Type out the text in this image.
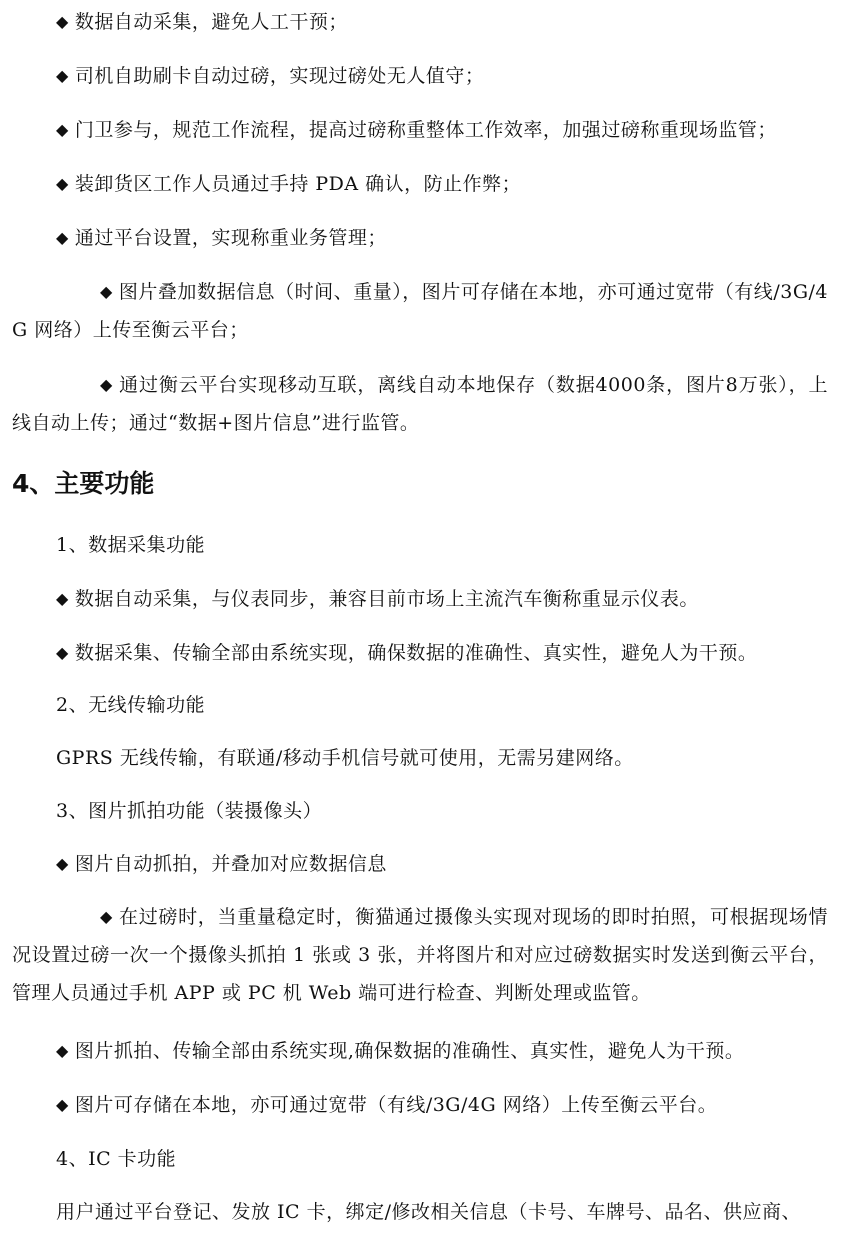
◆ 数据自动采集，避免人工干预；

◆ 司机自助刷卡自动过磅，实现过磅处无人值守；

◆ 门卫参与，规范工作流程，提高过磅称重整体工作效率，加强过磅称重现场监管；

◆ 装卸货区工作人员通过手持 PDA 确认，防止作弊；

◆ 通过平台设置，实现称重业务管理；

◆ 图片叠加数据信息（时间、重量），图片可存储在本地，亦可通过宽带（有线/3G/4G 网络）上传至衡云平台；

◆ 通过衡云平台实现移动互联，离线自动本地保存（数据4000条，图片8万张），上线自动上传；通过“数据+图片信息”进行监管。

4、主要功能

1、数据采集功能

◆ 数据自动采集，与仪表同步，兼容目前市场上主流汽车衡称重显示仪表。

◆ 数据采集、传输全部由系统实现，确保数据的准确性、真实性，避免人为干预。

2、无线传输功能

GPRS 无线传输，有联通/移动手机信号就可使用，无需另建网络。

3、图片抓拍功能（装摄像头）

◆ 图片自动抓拍，并叠加对应数据信息

◆ 在过磅时，当重量稳定时，衡猫通过摄像头实现对现场的即时拍照，可根据现场情况设置过磅一次一个摄像头抓拍 1 张或 3 张，并将图片和对应过磅数据实时发送到衡云平台，管理人员通过手机 APP 或 PC 机 Web 端可进行检查、判断处理或监管。

◆ 图片抓拍、传输全部由系统实现,确保数据的准确性、真实性，避免人为干预。

◆ 图片可存储在本地，亦可通过宽带（有线/3G/4G 网络）上传至衡云平台。

4、IC 卡功能

用户通过平台登记、发放 IC 卡，绑定/修改相关信息（卡号、车牌号、品名、供应商、
